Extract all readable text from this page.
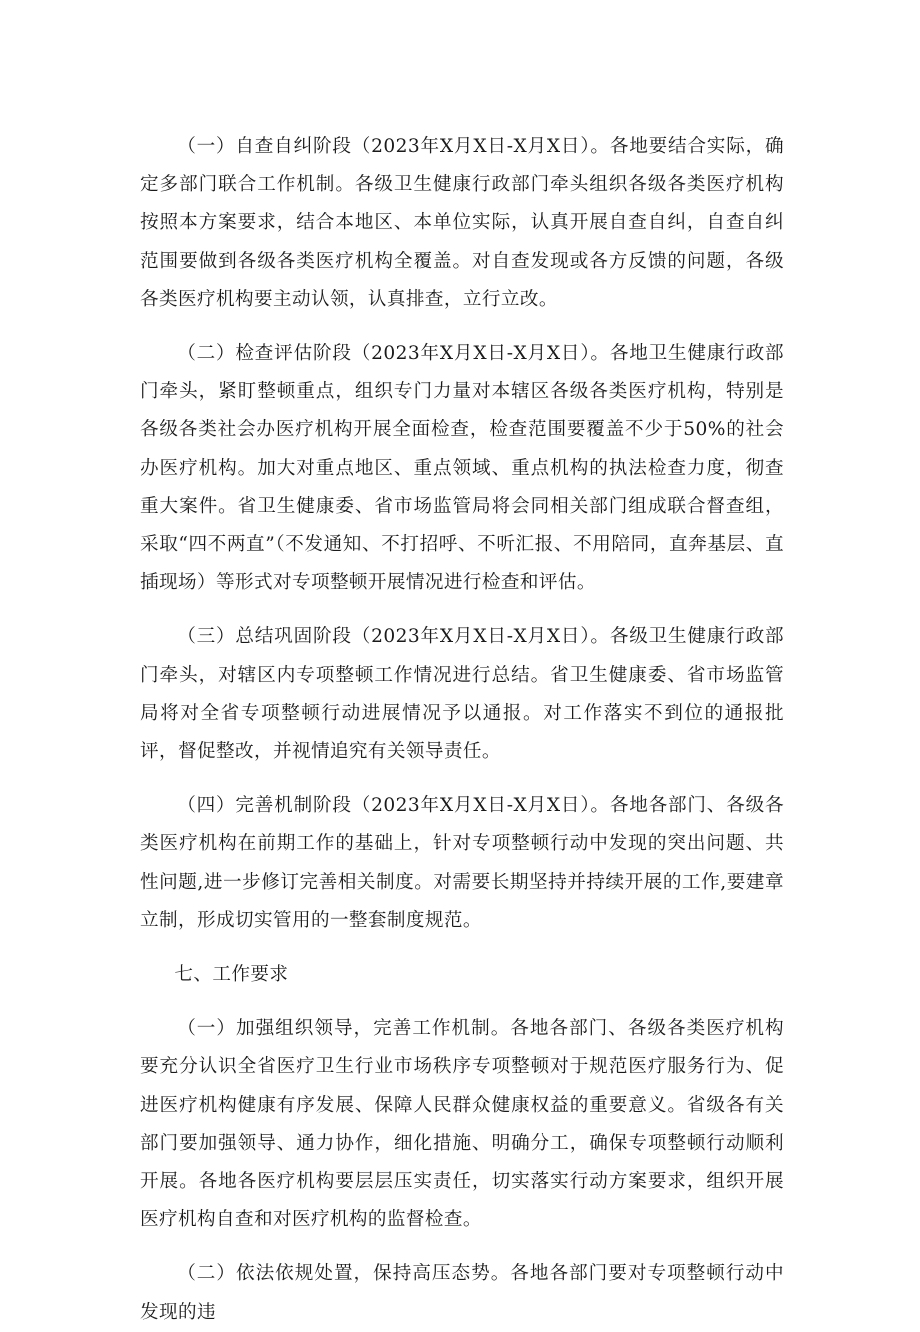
（一）自查自纠阶段（2023年X月X日-X月X日）。各地要结合实际，确定多部门联合工作机制。各级卫生健康行政部门牵头组织各级各类医疗机构按照本方案要求，结合本地区、本单位实际，认真开展自查自纠，自查自纠范围要做到各级各类医疗机构全覆盖。对自查发现或各方反馈的问题，各级各类医疗机构要主动认领，认真排查，立行立改。

（二）检查评估阶段（2023年X月X日-X月X日）。各地卫生健康行政部门牵头，紧盯整顿重点，组织专门力量对本辖区各级各类医疗机构，特别是各级各类社会办医疗机构开展全面检查，检查范围要覆盖不少于50%的社会办医疗机构。加大对重点地区、重点领域、重点机构的执法检查力度，彻查重大案件。省卫生健康委、省市场监管局将会同相关部门组成联合督查组，采取“四不两直”（不发通知、不打招呼、不听汇报、不用陪同，直奔基层、直插现场）等形式对专项整顿开展情况进行检查和评估。

（三）总结巩固阶段（2023年X月X日-X月X日）。各级卫生健康行政部门牵头，对辖区内专项整顿工作情况进行总结。省卫生健康委、省市场监管局将对全省专项整顿行动进展情况予以通报。对工作落实不到位的通报批评，督促整改，并视情追究有关领导责任。

（四）完善机制阶段（2023年X月X日-X月X日）。各地各部门、各级各类医疗机构在前期工作的基础上，针对专项整顿行动中发现的突出问题、共性问题,进一步修订完善相关制度。对需要长期坚持并持续开展的工作,要建章立制，形成切实管用的一整套制度规范。

七、工作要求

（一）加强组织领导，完善工作机制。各地各部门、各级各类医疗机构要充分认识全省医疗卫生行业市场秩序专项整顿对于规范医疗服务行为、促进医疗机构健康有序发展、保障人民群众健康权益的重要意义。省级各有关部门要加强领导、通力协作，细化措施、明确分工，确保专项整顿行动顺利开展。各地各医疗机构要层层压实责任，切实落实行动方案要求，组织开展医疗机构自查和对医疗机构的监督检查。

（二）依法依规处置，保持高压态势。各地各部门要对专项整顿行动中发现的违
